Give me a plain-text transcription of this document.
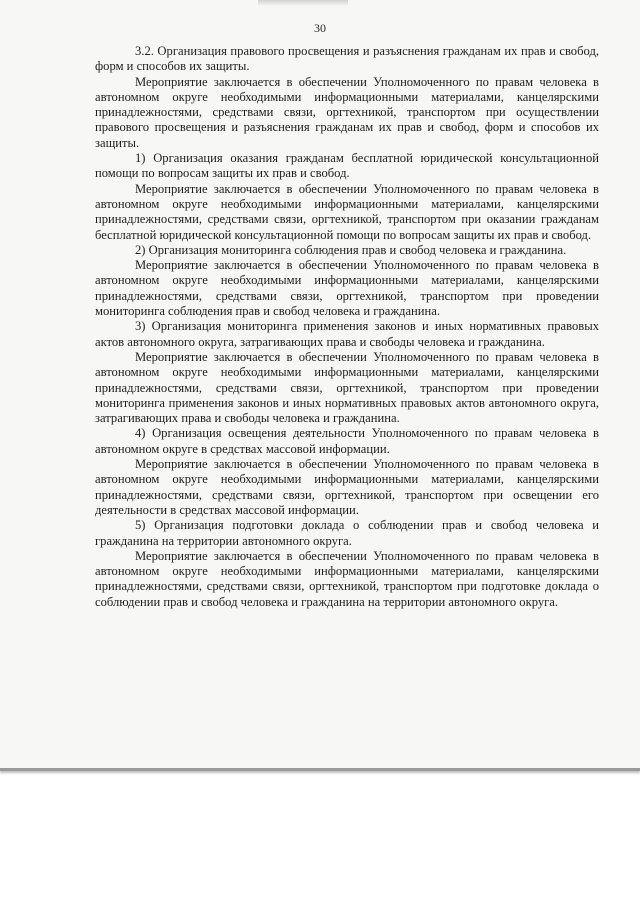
30

3.2. Организация правового просвещения и разъяснения гражданам их прав и свобод, форм и способов их защиты.

Мероприятие заключается в обеспечении Уполномоченного по правам человека в автономном округе необходимыми информационными материалами, канцелярскими принадлежностями, средствами связи, оргтехникой, транспортом при осуществлении правового просвещения и разъяснения гражданам их прав и свобод, форм и способов их защиты.

1) Организация оказания гражданам бесплатной юридической консультационной помощи по вопросам защиты их прав и свобод.

Мероприятие заключается в обеспечении Уполномоченного по правам человека в автономном округе необходимыми информационными материалами, канцелярскими принадлежностями, средствами связи, оргтехникой, транспортом при оказании гражданам бесплатной юридической консультационной помощи по вопросам защиты их прав и свобод.

2) Организация мониторинга соблюдения прав и свобод человека и гражданина.

Мероприятие заключается в обеспечении Уполномоченного по правам человека в автономном округе необходимыми информационными материалами, канцелярскими принадлежностями, средствами связи, оргтехникой, транспортом при проведении мониторинга соблюдения прав и свобод человека и гражданина.

3) Организация мониторинга применения законов и иных нормативных правовых актов автономного округа, затрагивающих права и свободы человека и гражданина.

Мероприятие заключается в обеспечении Уполномоченного по правам человека в автономном округе необходимыми информационными материалами, канцелярскими принадлежностями, средствами связи, оргтехникой, транспортом при проведении мониторинга применения законов и иных нормативных правовых актов автономного округа, затрагивающих права и свободы человека и гражданина.

4) Организация освещения деятельности Уполномоченного по правам человека в автономном округе в средствах массовой информации.

Мероприятие заключается в обеспечении Уполномоченного по правам человека в автономном округе необходимыми информационными материалами, канцелярскими принадлежностями, средствами связи, оргтехникой, транспортом при освещении его деятельности в средствах массовой информации.

5) Организация подготовки доклада о соблюдении прав и свобод человека и гражданина на территории автономного округа.

Мероприятие заключается в обеспечении Уполномоченного по правам человека в автономном округе необходимыми информационными материалами, канцелярскими принадлежностями, средствами связи, оргтехникой, транспортом при подготовке доклада о соблюдении прав и свобод человека и гражданина на территории автономного округа.
